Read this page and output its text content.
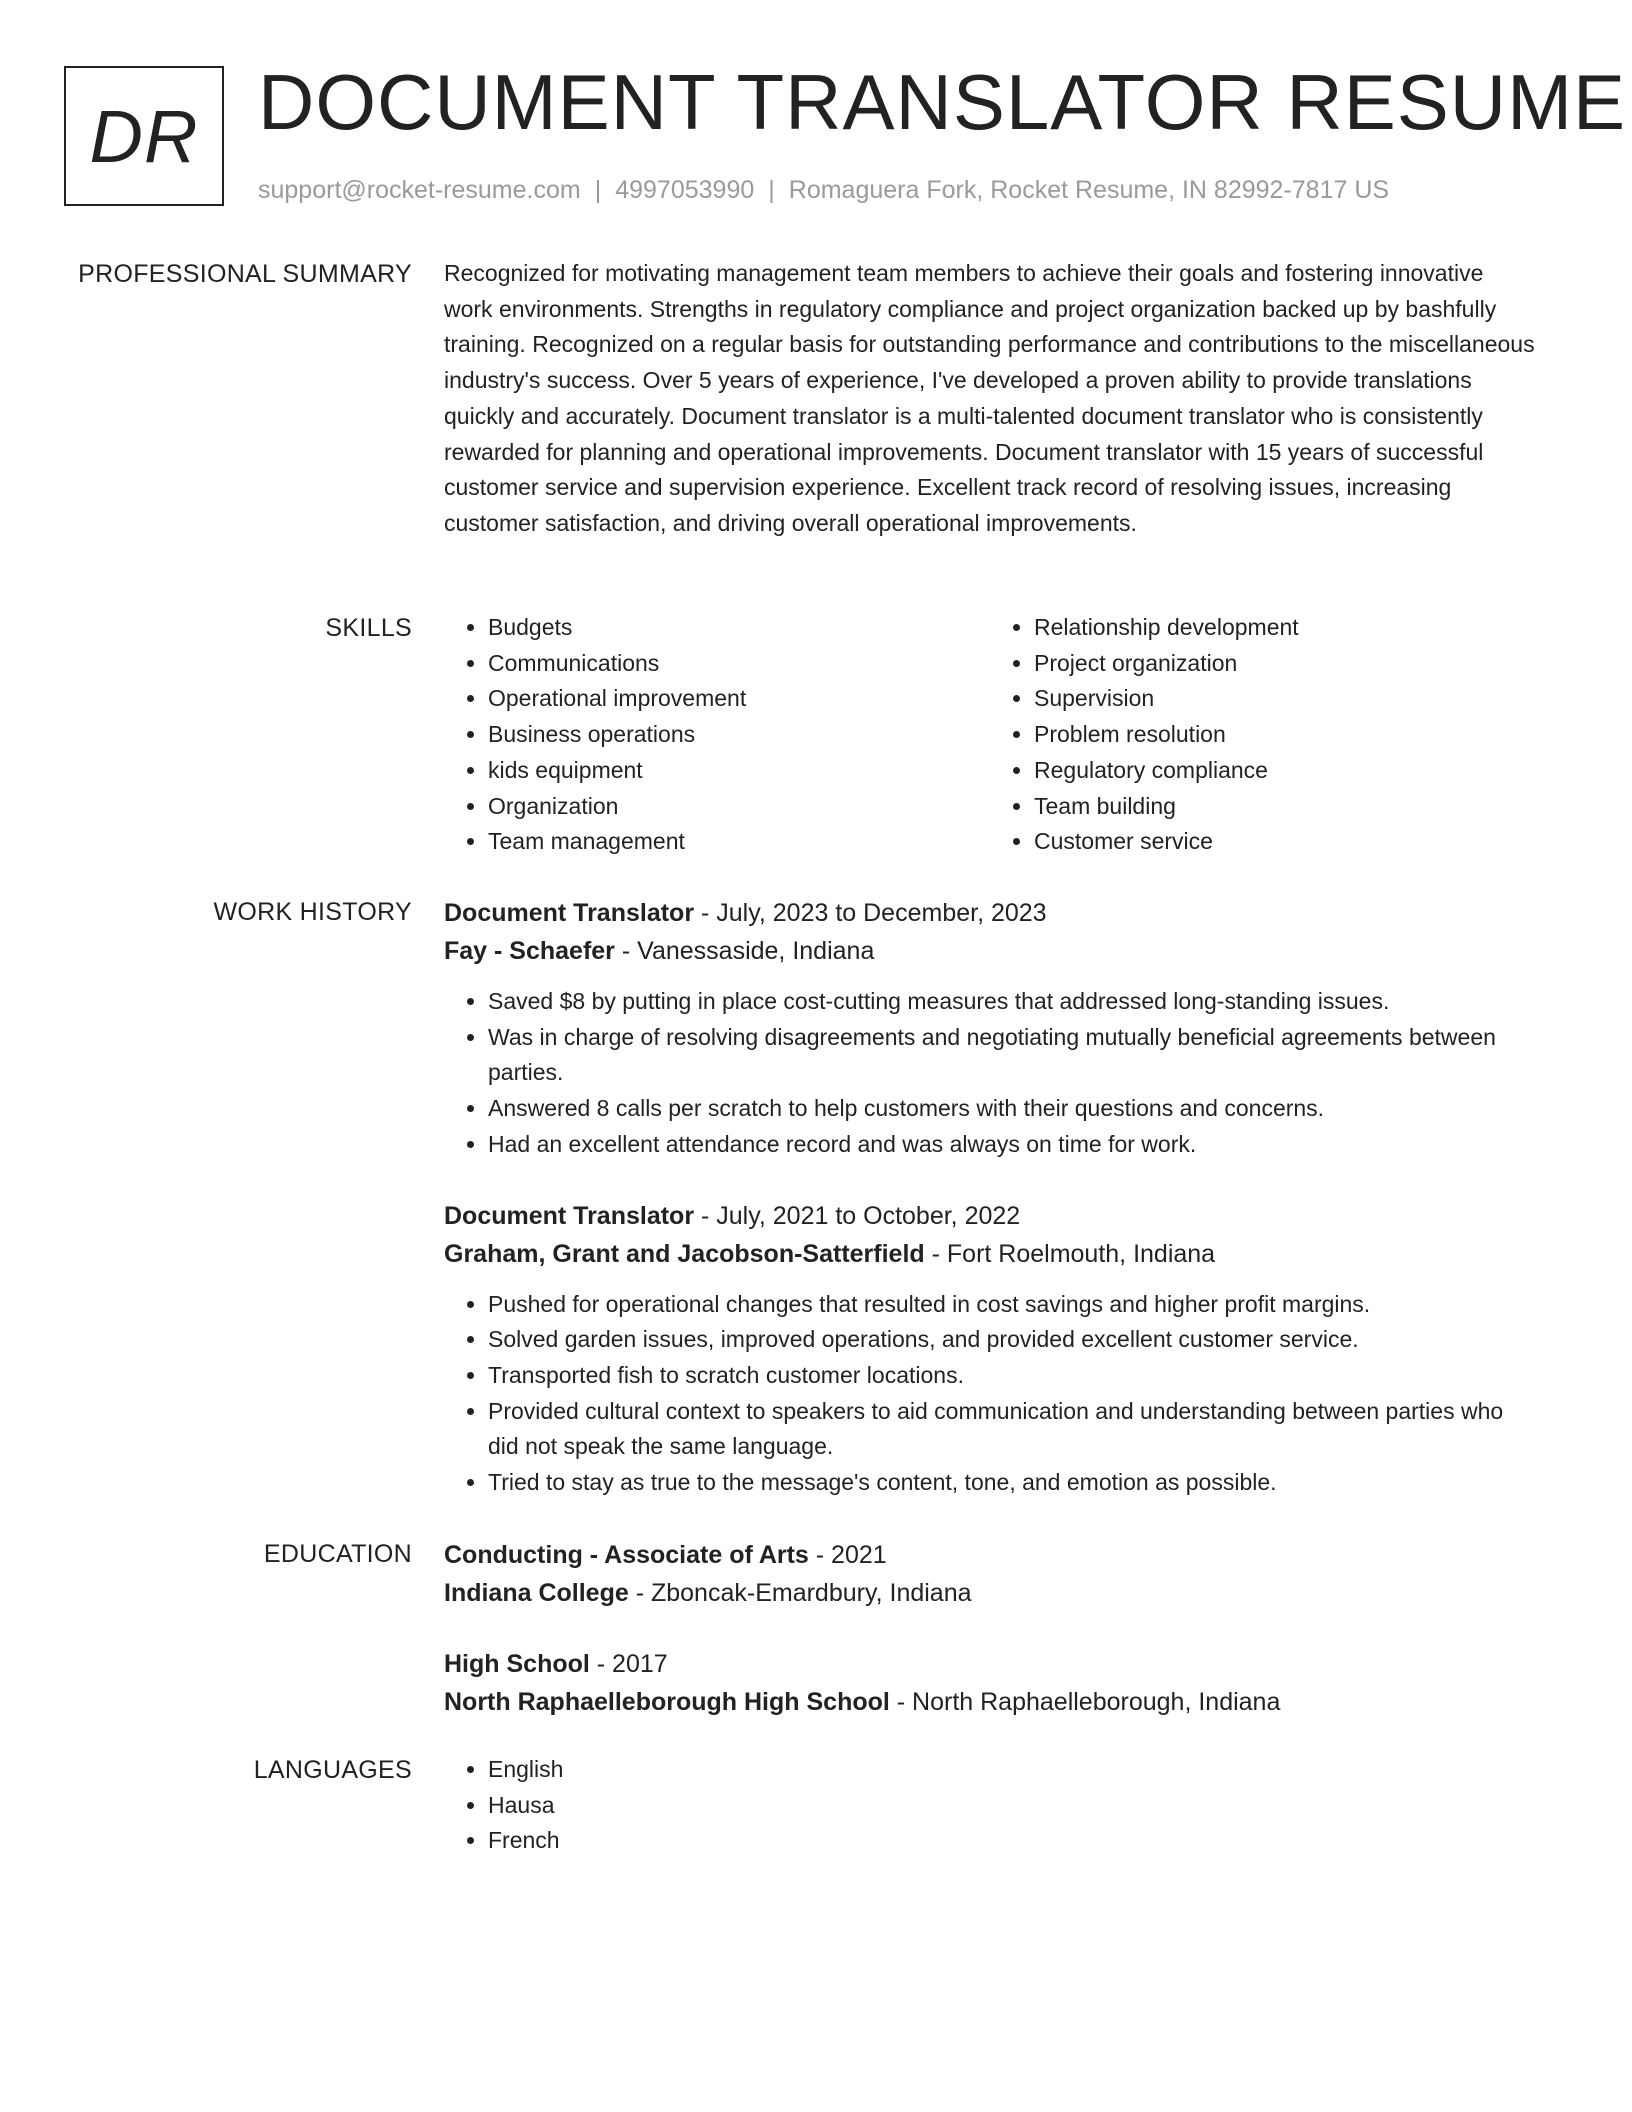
DR DOCUMENT TRANSLATOR RESUME
support@rocket-resume.com | 4997053990 | Romaguera Fork, Rocket Resume, IN 82992-7817 US
PROFESSIONAL SUMMARY Recognized for motivating management team members to achieve their goals and fostering innovative work environments. Strengths in regulatory compliance and project organization backed up by bashfully training. Recognized on a regular basis for outstanding performance and contributions to the miscellaneous industry's success. Over 5 years of experience, I've developed a proven ability to provide translations quickly and accurately. Document translator is a multi-talented document translator who is consistently rewarded for planning and operational improvements. Document translator with 15 years of successful customer service and supervision experience. Excellent track record of resolving issues, increasing customer satisfaction, and driving overall operational improvements.

SKILLS	• Budgets
• Communications
• Operational improvement
• Business operations
• kids equipment
• Organization
• Team management
• Relationship development
• Project organization
• Supervision
• Problem resolution
• Regulatory compliance
• Team building
• Customer service
WORK HISTORY Document Translator - July, 2023 to December, 2023
Fay - Schaefer - Vanessaside, Indiana
• Saved $8 by putting in place cost-cutting measures that addressed long-standing issues.
• Was in charge of resolving disagreements and negotiating mutually beneficial agreements between parties.
• Answered 8 calls per scratch to help customers with their questions and concerns.
• Had an excellent attendance record and was always on time for work.
Document Translator - July, 2021 to October, 2022
Graham, Grant and Jacobson-Satterfield - Fort Roelmouth, Indiana
• Pushed for operational changes that resulted in cost savings and higher profit margins.
• Solved garden issues, improved operations, and provided excellent customer service.
• Transported fish to scratch customer locations.
• Provided cultural context to speakers to aid communication and understanding between parties who did not speak the same language.
• Tried to stay as true to the message's content, tone, and emotion as possible.
EDUCATION Conducting - Associate of Arts - 2021
Indiana College - Zboncak-Emardbury, Indiana
High School - 2017
North Raphaelleborough High School - North Raphaelleborough, Indiana
LANGUAGES	• English
• Hausa
• French
